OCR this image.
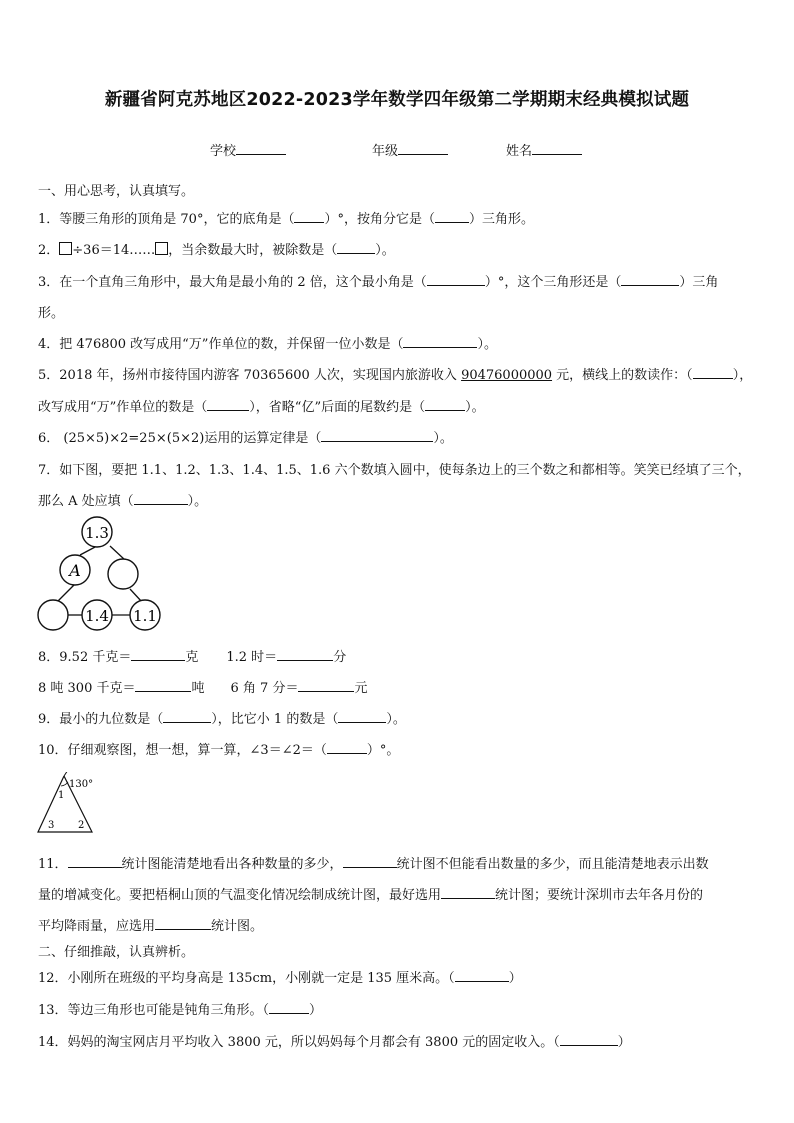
新疆省阿克苏地区2022-2023学年数学四年级第二学期期末经典模拟试题
学校	年级	姓名
一、用心思考，认真填写。
1．等腰三角形的顶角是 70°，它的底角是（ ）°，按角分它是（	）三角形。
2． ÷36＝14…… ，当余数最大时，被除数是（	）。
3．在一个直角三角形中，最大角是最小角的 2 倍，这个最小角是（	）°，这个三角形还是（	）三角
形。
4．把 476800 改写成用“万”作单位的数，并保留一位小数是（	）。
5．2018 年，扬州市接待国内游客 70365600 人次，实现国内旅游收入 90476000000 元，横线上的数读作：（	），
改写成用“万”作单位的数是（	），省略“亿”后面的尾数约是（	）。
6． (25×5)×2=25×(5×2)运用的运算定律是（	）。
7．如下图，要把 1.1、1.2、1.3、1.4、1.5、1.6 六个数填入圆中，使每条边上的三个数之和都相等。笑笑已经填了三个，
那么 A 处应填（	）。
1.3
A
1.4 1.1
8．9.52 千克＝	克 1.2 时＝	分
8 吨 300 千克＝	吨 6 角 7 分＝	元
9．最小的九位数是（	），比它小 1 的数是（	）。
10．仔细观察图，想一想，算一算，∠3＝∠2＝（	）°。
130°
1
3 2
11．	统计图能清楚地看出各种数量的多少，	统计图不但能看出数量的多少，而且能清楚地表示出数
量的增减变化。要把梧桐山顶的气温变化情况绘制成统计图，最好选用	统计图；要统计深圳市去年各月份的
平均降雨量，应选用	统计图。
二、仔细推敲，认真辨析。
12．小刚所在班级的平均身高是 135cm，小刚就一定是 135 厘米高。（	）
13．等边三角形也可能是钝角三角形。（	）
14．妈妈的淘宝网店月平均收入 3800 元，所以妈妈每个月都会有 3800 元的固定收入。（	）
